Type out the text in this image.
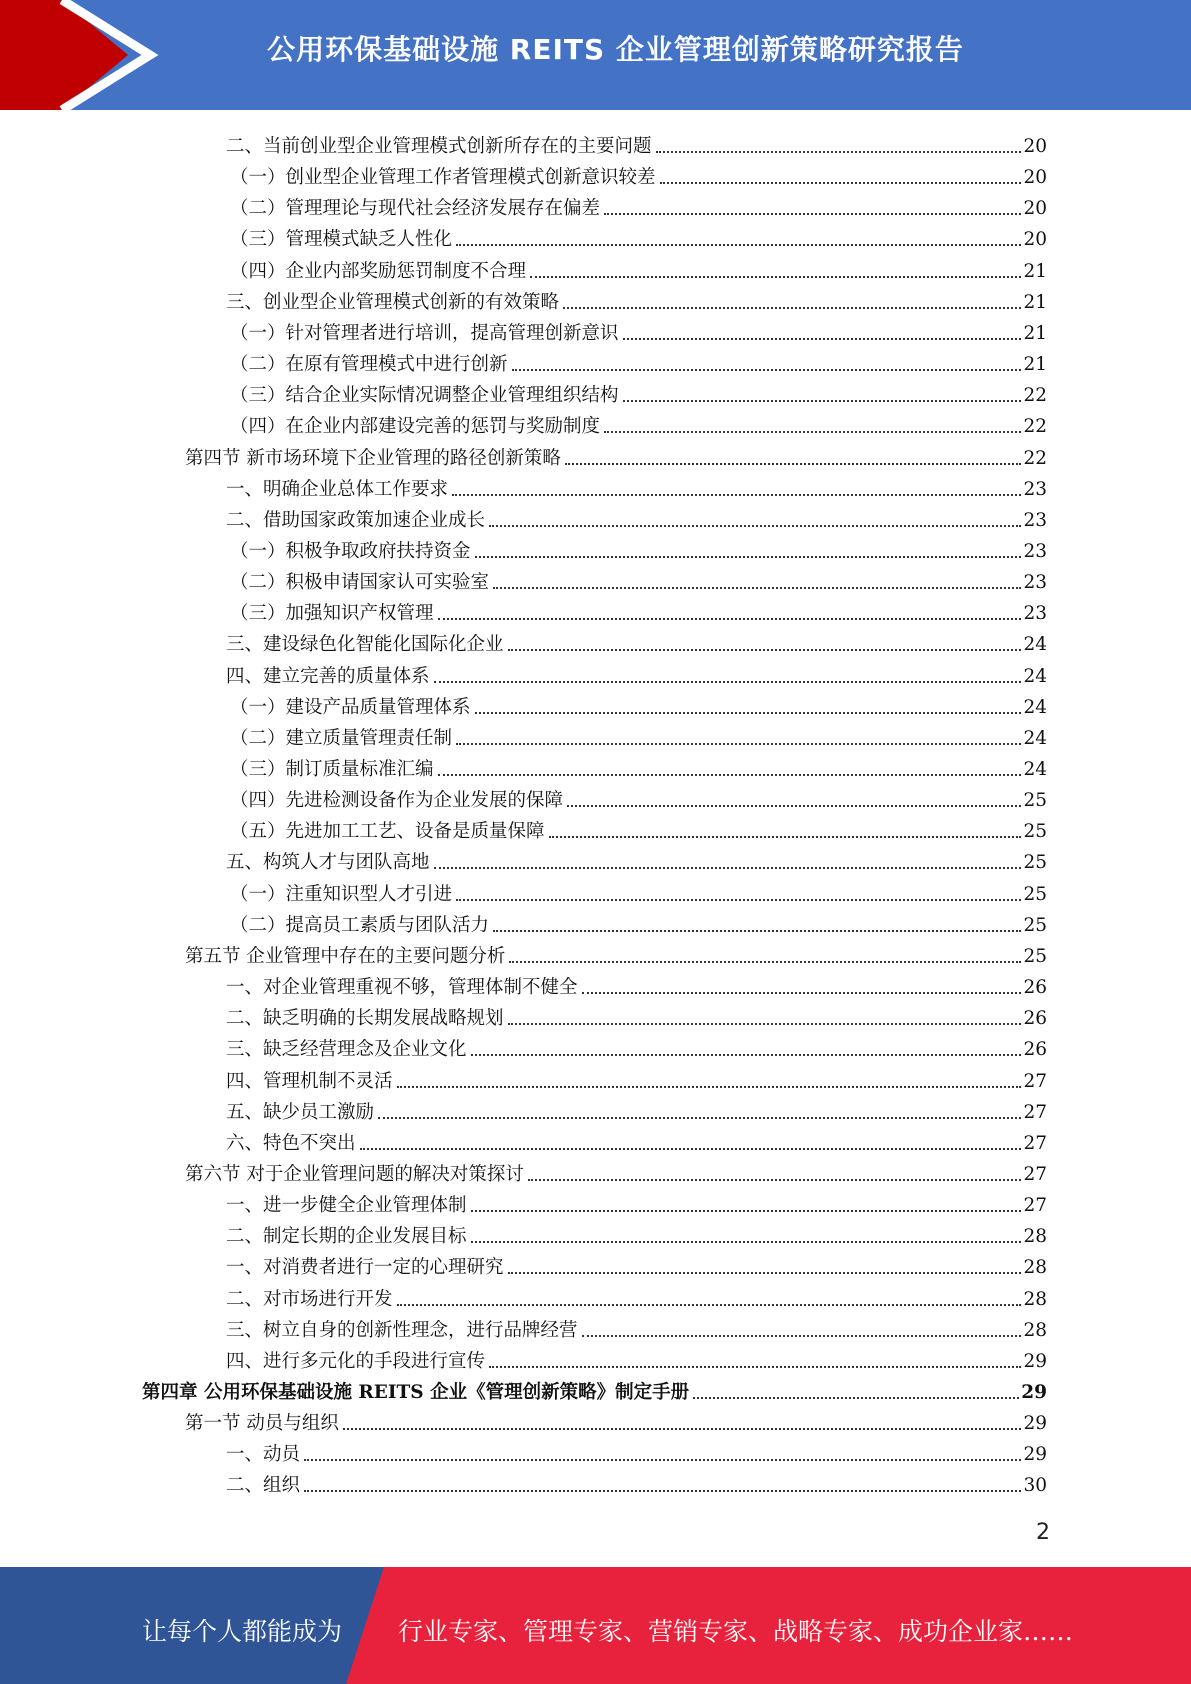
公用环保基础设施 REITS 企业管理创新策略研究报告
二、当前创业型企业管理模式创新所存在的主要问题	20
（一）创业型企业管理工作者管理模式创新意识较差	20
（二）管理理论与现代社会经济发展存在偏差	20
（三）管理模式缺乏人性化	20
（四）企业内部奖励惩罚制度不合理	21
三、创业型企业管理模式创新的有效策略	21
（一）针对管理者进行培训，提高管理创新意识	21
（二）在原有管理模式中进行创新	21
（三）结合企业实际情况调整企业管理组织结构	22
（四）在企业内部建设完善的惩罚与奖励制度	22
第四节 新市场环境下企业管理的路径创新策略	22
一、明确企业总体工作要求	23
二、借助国家政策加速企业成长	23
（一）积极争取政府扶持资金	23
（二）积极申请国家认可实验室	23
（三）加强知识产权管理	23
三、建设绿色化智能化国际化企业	24
四、建立完善的质量体系	24
（一）建设产品质量管理体系	24
（二）建立质量管理责任制	24
（三）制订质量标准汇编	24
（四）先进检测设备作为企业发展的保障	25
（五）先进加工工艺、设备是质量保障	25
五、构筑人才与团队高地	25
（一）注重知识型人才引进	25
（二）提高员工素质与团队活力	25
第五节 企业管理中存在的主要问题分析	25
一、对企业管理重视不够，管理体制不健全	26
二、缺乏明确的长期发展战略规划	26
三、缺乏经营理念及企业文化	26
四、管理机制不灵活	27
五、缺少员工激励	27
六、特色不突出	27
第六节 对于企业管理问题的解决对策探讨	27
一、进一步健全企业管理体制	27
二、制定长期的企业发展目标	28
一、对消费者进行一定的心理研究	28
二、对市场进行开发	28
三、树立自身的创新性理念，进行品牌经营	28
四、进行多元化的手段进行宣传	29
第四章 公用环保基础设施 REITS 企业《管理创新策略》制定手册	29
第一节 动员与组织	29
一、动员	29
二、组织	30
2
让每个人都能成为 行业专家、管理专家、营销专家、战略专家、成功企业家……
